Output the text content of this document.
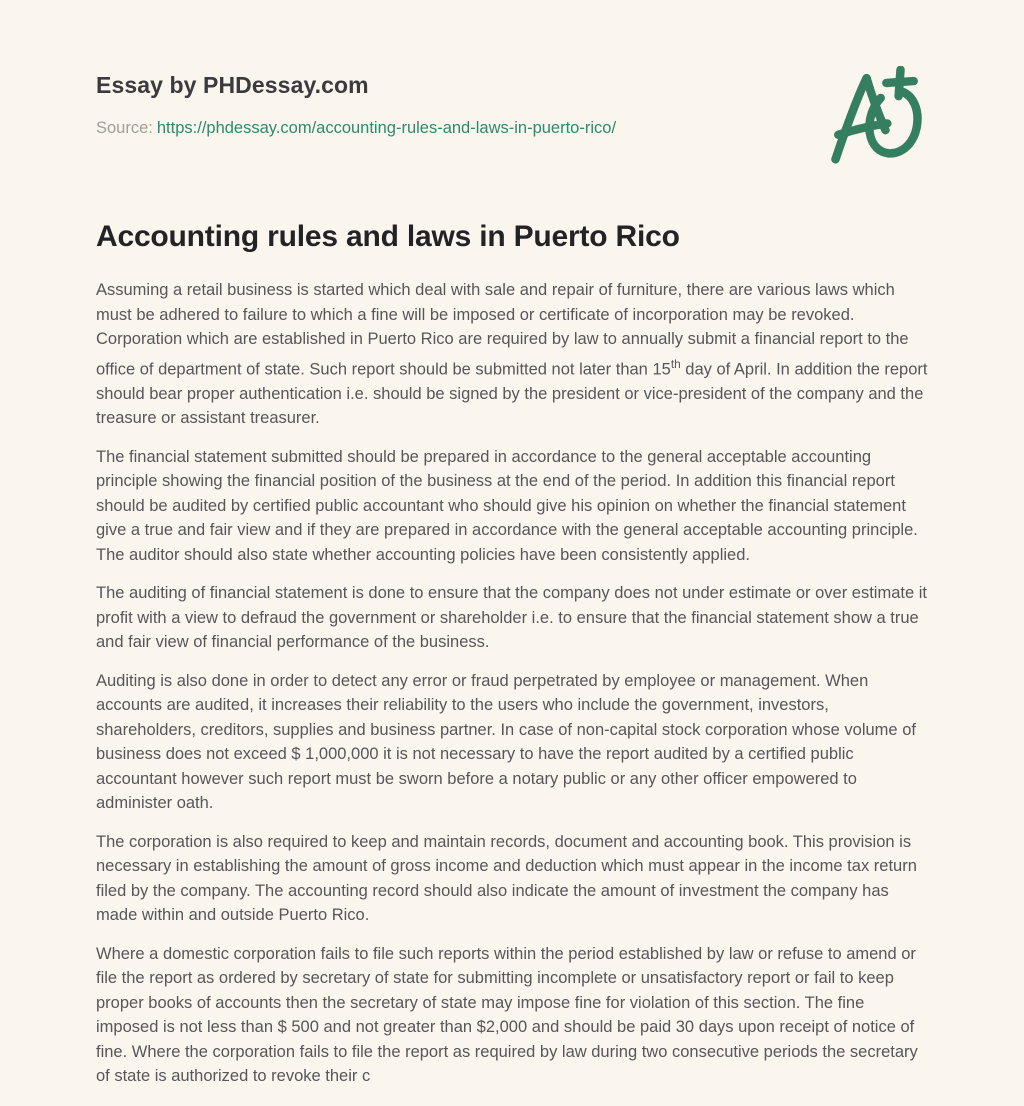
Essay by PHDessay.com
Source: https://phdessay.com/accounting-rules-and-laws-in-puerto-rico/
Accounting rules and laws in Puerto Rico

Assuming a retail business is started which deal with sale and repair of furniture, there are various laws which must be adhered to failure to which a fine will be imposed or certificate of incorporation may be revoked. Corporation which are established in Puerto Rico are required by law to annually submit a financial report to the office of department of state. Such report should be submitted not later than 15th day of April. In addition the report should bear proper authentication i.e. should be signed by the president or vice-president of the company and the treasure or assistant treasurer.

The financial statement submitted should be prepared in accordance to the general acceptable accounting principle showing the financial position of the business at the end of the period. In addition this financial report should be audited by certified public accountant who should give his opinion on whether the financial statement give a true and fair view and if they are prepared in accordance with the general acceptable accounting principle. The auditor should also state whether accounting policies have been consistently applied.

The auditing of financial statement is done to ensure that the company does not under estimate or over estimate it profit with a view to defraud the government or shareholder i.e. to ensure that the financial statement show a true and fair view of financial performance of the business.

Auditing is also done in order to detect any error or fraud perpetrated by employee or management. When accounts are audited, it increases their reliability to the users who include the government, investors, shareholders, creditors, supplies and business partner. In case of non-capital stock corporation whose volume of business does not exceed $ 1,000,000 it is not necessary to have the report audited by a certified public accountant however such report must be sworn before a notary public or any other officer empowered to administer oath.

The corporation is also required to keep and maintain records, document and accounting book. This provision is necessary in establishing the amount of gross income and deduction which must appear in the income tax return filed by the company. The accounting record should also indicate the amount of investment the company has made within and outside Puerto Rico.

Where a domestic corporation fails to file such reports within the period established by law or refuse to amend or file the report as ordered by secretary of state for submitting incomplete or unsatisfactory report or fail to keep proper books of accounts then the secretary of state may impose fine for violation of this section. The fine imposed is not less than $ 500 and not greater than $2,000 and should be paid 30 days upon receipt of notice of fine. Where the corporation fails to file the report as required by law during two consecutive periods the secretary of state is authorized to revoke their c
